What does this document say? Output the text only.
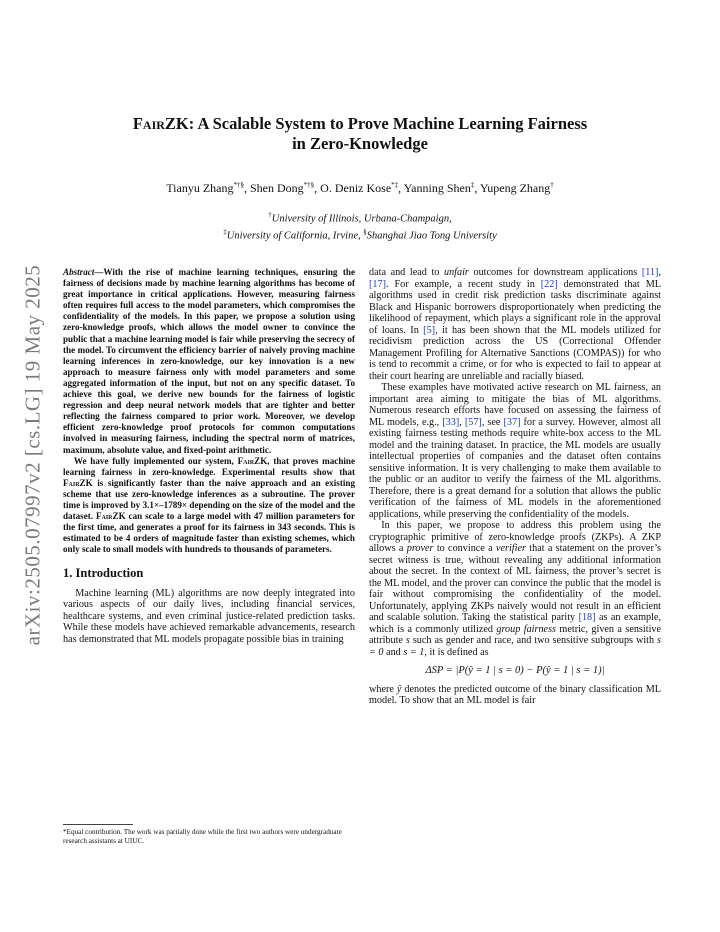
arXiv:2505.07997v2 [cs.LG] 19 May 2025
FairZK: A Scalable System to Prove Machine Learning Fairness
in Zero-Knowledge
Tianyu Zhang*†§, Shen Dong*†§, O. Deniz Kose*‡, Yanning Shen‡, Yupeng Zhang†
†University of Illinois, Urbana-Champaign,
‡University of California, Irvine, §Shanghai Jiao Tong University

Abstract—With the rise of machine learning techniques, ensuring the fairness of decisions made by machine learning algorithms has become of great importance in critical applications. However, measuring fairness often requires full access to the model parameters, which compromises the confidentiality of the models. In this paper, we propose a solution using zero-knowledge proofs, which allows the model owner to convince the public that a machine learning model is fair while preserving the secrecy of the model. To circumvent the efficiency barrier of naively proving machine learning inferences in zero-knowledge, our key innovation is a new approach to measure fairness only with model parameters and some aggregated information of the input, but not on any specific dataset. To achieve this goal, we derive new bounds for the fairness of logistic regression and deep neural network models that are tighter and better reflecting the fairness compared to prior work. Moreover, we develop efficient zero-knowledge proof protocols for common computations involved in measuring fairness, including the spectral norm of matrices, maximum, absolute value, and fixed-point arithmetic.

We have fully implemented our system, FairZK, that proves machine learning fairness in zero-knowledge. Experimental results show that FairZK is significantly faster than the naive approach and an existing scheme that use zero-knowledge inferences as a subroutine. The prover time is improved by 3.1×–1789× depending on the size of the model and the dataset. FairZK can scale to a large model with 47 million parameters for the first time, and generates a proof for its fairness in 343 seconds. This is estimated to be 4 orders of magnitude faster than existing schemes, which only scale to small models with hundreds to thousands of parameters.

1. Introduction

Machine learning (ML) algorithms are now deeply integrated into various aspects of our daily lives, including financial services, healthcare systems, and even criminal justice-related prediction tasks. While these models have achieved remarkable advancements, research has demonstrated that ML models propagate possible bias in training

*Equal contribution. The work was partially done while the first two authors were undergraduate research assistants at UIUC.

data and lead to unfair outcomes for downstream applications [11], [17]. For example, a recent study in [22] demonstrated that ML algorithms used in credit risk prediction tasks discriminate against Black and Hispanic borrowers disproportionately when predicting the likelihood of repayment, which plays a significant role in the approval of loans. In [5], it has been shown that the ML models utilized for recidivism prediction across the US (Correctional Offender Management Profiling for Alternative Sanctions (COMPAS)) for who is tend to recommit a crime, or for who is expected to fail to appear at their court hearing are unreliable and racially biased.

These examples have motivated active research on ML fairness, an important area aiming to mitigate the bias of ML algorithms. Numerous research efforts have focused on assessing the fairness of ML models, e.g., [33], [57], see [37] for a survey. However, almost all existing fairness testing methods require white-box access to the ML model and the training dataset. In practice, the ML models are usually intellectual properties of companies and the dataset often contains sensitive information. It is very challenging to make them available to the public or an auditor to verify the fairness of the ML algorithms. Therefore, there is a great demand for a solution that allows the public verification of the fairness of ML models in the aforementioned applications, while preserving the confidentiality of the models.

In this paper, we propose to address this problem using the cryptographic primitive of zero-knowledge proofs (ZKPs). A ZKP allows a prover to convince a verifier that a statement on the prover’s secret witness is true, without revealing any additional information about the secret. In the context of ML fairness, the prover’s secret is the ML model, and the prover can convince the public that the model is fair without compromising the confidentiality of the model. Unfortunately, applying ZKPs naively would not result in an efficient and scalable solution. Taking the statistical parity [18] as an example, which is a commonly utilized group fairness metric, given a sensitive attribute s such as gender and race, and two sensitive subgroups with s = 0 and s = 1, it is defined as

ΔSP = |P(ŷ = 1 | s = 0) − P(ŷ = 1 | s = 1)|

where ŷ denotes the predicted outcome of the binary classification ML model. To show that an ML model is fair
